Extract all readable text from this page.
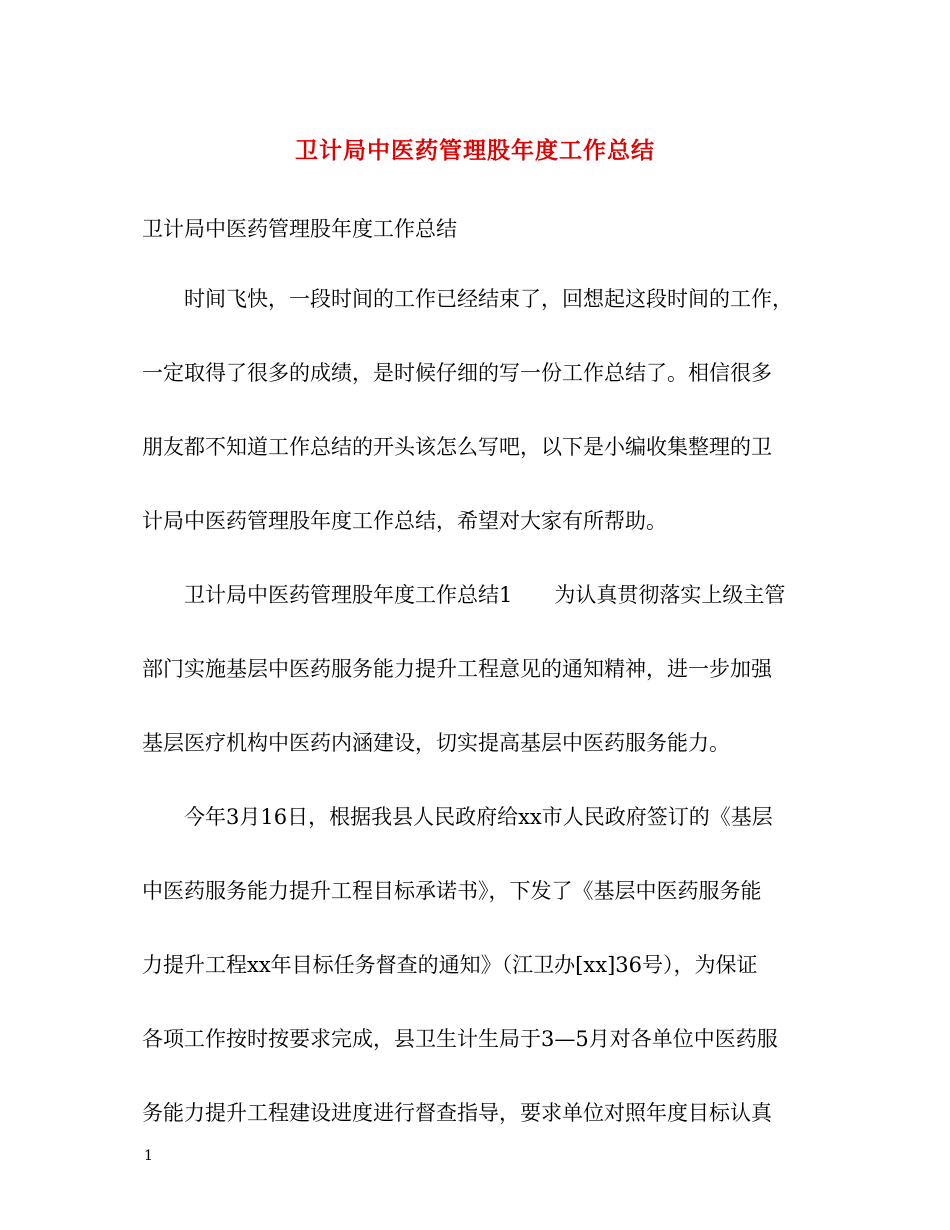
卫计局中医药管理股年度工作总结
卫计局中医药管理股年度工作总结
时间飞快，一段时间的工作已经结束了，回想起这段时间的工作，
一定取得了很多的成绩，是时候仔细的写一份工作总结了。相信很多
朋友都不知道工作总结的开头该怎么写吧，以下是小编收集整理的卫
计局中医药管理股年度工作总结，希望对大家有所帮助。
卫计局中医药管理股年度工作总结1　　为认真贯彻落实上级主管
部门实施基层中医药服务能力提升工程意见的通知精神，进一步加强
基层医疗机构中医药内涵建设，切实提高基层中医药服务能力。
今年3月16日，根据我县人民政府给xx市人民政府签订的《基层
中医药服务能力提升工程目标承诺书》，下发了《基层中医药服务能
力提升工程xx年目标任务督查的通知》（江卫办[xx]36号），为保证
各项工作按时按要求完成，县卫生计生局于3—5月对各单位中医药服
务能力提升工程建设进度进行督查指导，要求单位对照年度目标认真
1
